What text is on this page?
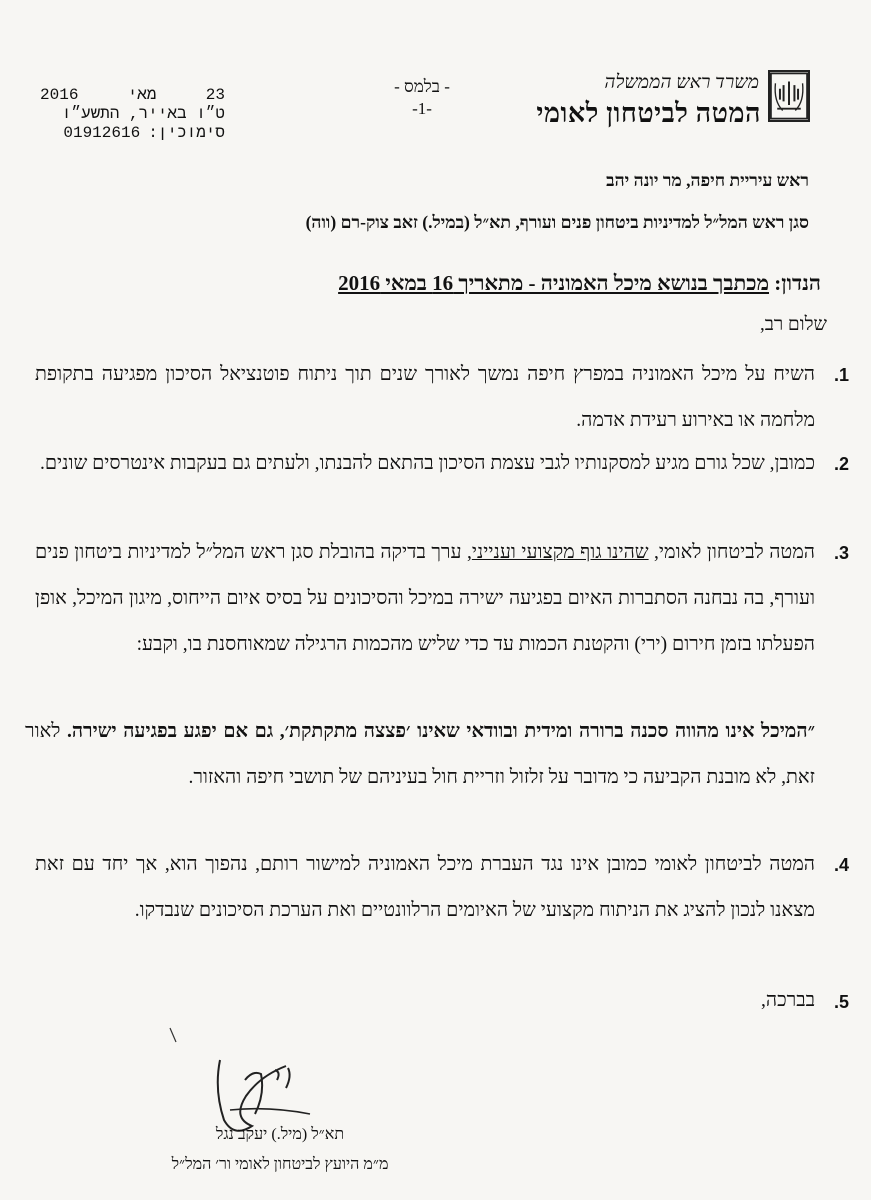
משרד ראש הממשלה
המטה לביטחון לאומי
- בלמס -
-1-
23
מאי
2016
ט״ו באייר, התשע״ו
סימוכין:
01912616
ראש עיריית חיפה, מר יונה יהב
סגן ראש המל״ל למדיניות ביטחון פנים ועורף, תא״ל (במיל.) זאב צוק-רם (ווה)
הנדון: מכתבך בנושא מיכל האמוניה - מתאריך 16 במאי 2016
שלום רב,
1.
השיח על מיכל האמוניה במפרץ חיפה נמשך לאורך שנים תוך ניתוח פוטנציאל הסיכון מפגיעה בתקופת מלחמה או באירוע רעידת אדמה.
2.
כמובן, שכל גורם מגיע למסקנותיו לגבי עצמת הסיכון בהתאם להבנתו, ולעתים גם בעקבות אינטרסים שונים.
3.
המטה לביטחון לאומי, שהינו גוף מקצועי וענייני, ערך בדיקה בהובלת סגן ראש המל״ל למדיניות ביטחון פנים ועורף, בה נבחנה הסתברות האיום בפגיעה ישירה במיכל והסיכונים על בסיס איום הייחוס, מיגון המיכל, אופן הפעלתו בזמן חירום (ירי) והקטנת הכמות עד כדי שליש מהכמות הרגילה שמאוחסנת בו, וקבע:
״המיכל אינו מהווה סכנה ברורה ומידית ובוודאי שאינו ׳פצצה מתקתקת׳, גם אם יפגע בפגיעה ישירה. לאור זאת, לא מובנת הקביעה כי מדובר על זלזול וזריית חול בעיניהם של תושבי חיפה והאזור.
4.
המטה לביטחון לאומי כמובן אינו נגד העברת מיכל האמוניה למישור רותם, נהפוך הוא, אך יחד עם זאת מצאנו לנכון להציג את הניתוח מקצועי של האיומים הרלוונטיים ואת הערכת הסיכונים שנבדקו.
5.
בברכה,
תא״ל (מיל.) יעקב נגל
מ״מ היועץ לביטחון לאומי ור׳ המל״ל
